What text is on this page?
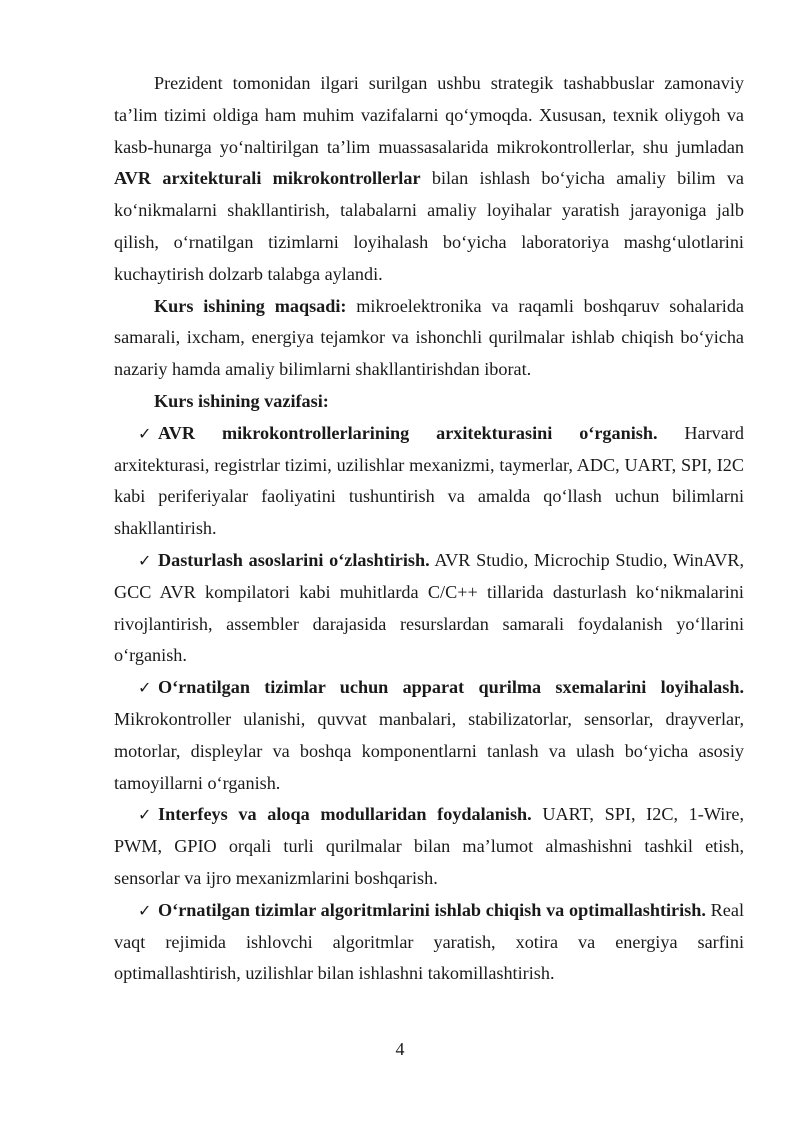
Prezident tomonidan ilgari surilgan ushbu strategik tashabbuslar zamonaviy ta’lim tizimi oldiga ham muhim vazifalarni qo‘ymoqda. Xususan, texnik oliygoh va kasb-hunarga yo‘naltirilgan ta’lim muassasalarida mikrokontrollerlar, shu jumladan AVR arxitekturali mikrokontrollerlar bilan ishlash bo‘yicha amaliy bilim va ko‘nikmalarni shakllantirish, talabalarni amaliy loyihalar yaratish jarayoniga jalb qilish, o‘rnatilgan tizimlarni loyihalash bo‘yicha laboratoriya mashg‘ulotlarini kuchaytirish dolzarb talabga aylandi.

Kurs ishining maqsadi: mikroelektronika va raqamli boshqaruv sohalarida samarali, ixcham, energiya tejamkor va ishonchli qurilmalar ishlab chiqish bo‘yicha nazariy hamda amaliy bilimlarni shakllantirishdan iborat.

Kurs ishining vazifasi:

✓ AVR mikrokontrollerlarining arxitekturasini o‘rganish. Harvard arxitekturasi, registrlar tizimi, uzilishlar mexanizmi, taymerlar, ADC, UART, SPI, I2C kabi periferiyalar faoliyatini tushuntirish va amalda qo‘llash uchun bilimlarni shakllantirish.

✓ Dasturlash asoslarini o‘zlashtirish. AVR Studio, Microchip Studio, WinAVR, GCC AVR kompilatori kabi muhitlarda C/C++ tillarida dasturlash ko‘nikmalarini rivojlantirish, assembler darajasida resurslardan samarali foydalanish yo‘llarini o‘rganish.

✓ O‘rnatilgan tizimlar uchun apparat qurilma sxemalarini loyihalash. Mikrokontroller ulanishi, quvvat manbalari, stabilizatorlar, sensorlar, drayverlar, motorlar, displeylar va boshqa komponentlarni tanlash va ulash bo‘yicha asosiy tamoyillarni o‘rganish.

✓ Interfeys va aloqa modullaridan foydalanish. UART, SPI, I2C, 1-Wire, PWM, GPIO orqali turli qurilmalar bilan ma’lumot almashishni tashkil etish, sensorlar va ijro mexanizmlarini boshqarish.

✓ O‘rnatilgan tizimlar algoritmlarini ishlab chiqish va optimallashtirish. Real vaqt rejimida ishlovchi algoritmlar yaratish, xotira va energiya sarfini optimallashtirish, uzilishlar bilan ishlashni takomillashtirish.

4
